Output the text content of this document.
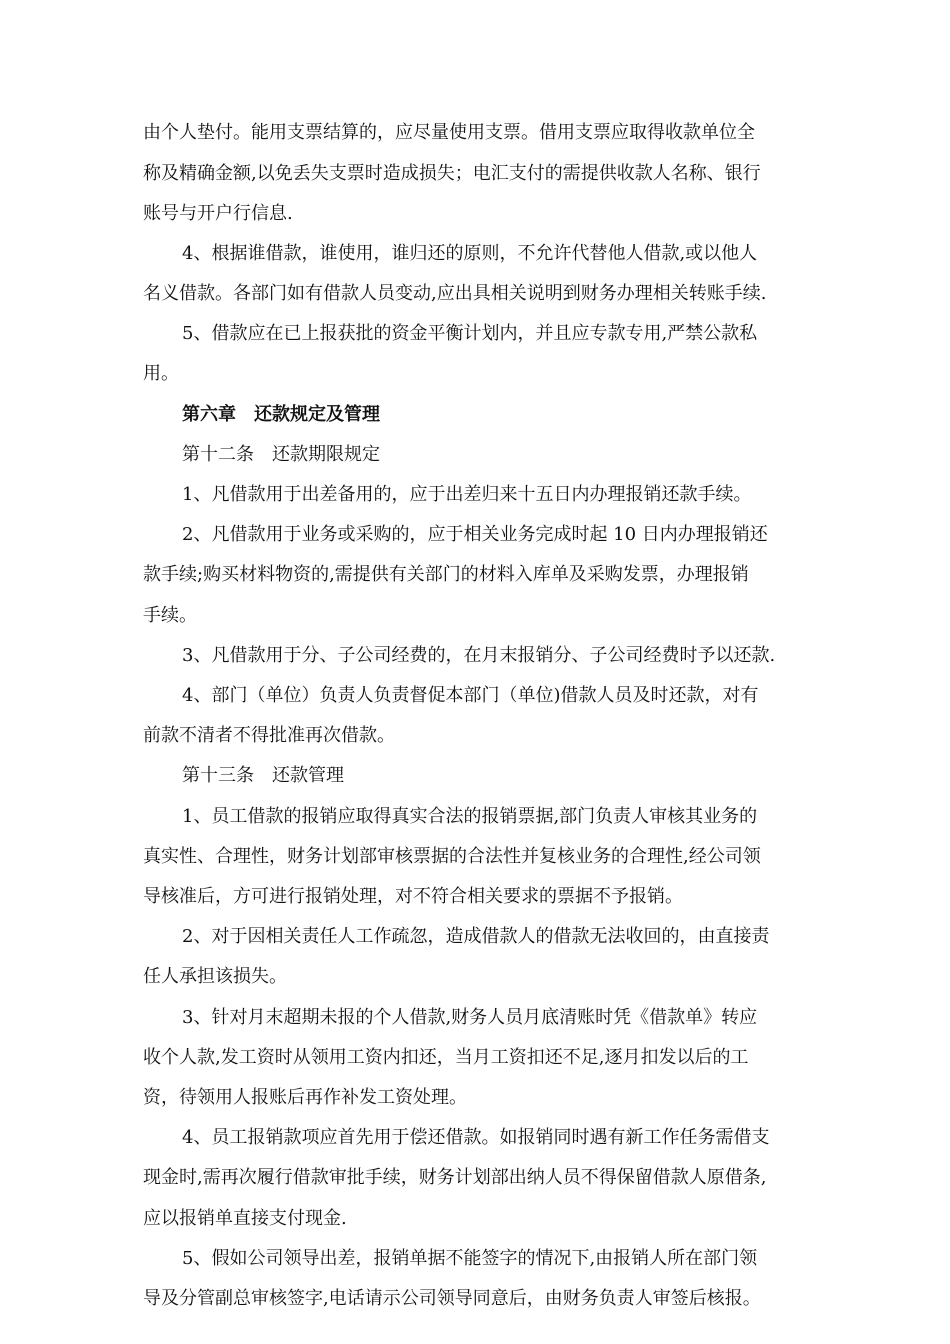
由个人垫付。能用支票结算的，应尽量使用支票。借用支票应取得收款单位全
称及精确金额,以免丢失支票时造成损失；电汇支付的需提供收款人名称、银行
账号与开户行信息.
4、根据谁借款，谁使用，谁归还的原则，不允许代替他人借款,或以他人
名义借款。各部门如有借款人员变动,应出具相关说明到财务办理相关转账手续.
5、借款应在已上报获批的资金平衡计划内，并且应专款专用,严禁公款私
用。
第六章　还款规定及管理
第十二条　还款期限规定
1、凡借款用于出差备用的，应于出差归来十五日内办理报销还款手续。
2、凡借款用于业务或采购的，应于相关业务完成时起 10 日内办理报销还
款手续;购买材料物资的,需提供有关部门的材料入库单及采购发票，办理报销
手续。
3、凡借款用于分、子公司经费的，在月末报销分、子公司经费时予以还款.
4、部门（单位）负责人负责督促本部门（单位)借款人员及时还款，对有
前款不清者不得批准再次借款。
第十三条　还款管理
1、员工借款的报销应取得真实合法的报销票据,部门负责人审核其业务的
真实性、合理性，财务计划部审核票据的合法性并复核业务的合理性,经公司领
导核准后，方可进行报销处理，对不符合相关要求的票据不予报销。
2、对于因相关责任人工作疏忽，造成借款人的借款无法收回的，由直接责
任人承担该损失。
3、针对月末超期未报的个人借款,财务人员月底清账时凭《借款单》转应
收个人款,发工资时从领用工资内扣还，当月工资扣还不足,逐月扣发以后的工
资，待领用人报账后再作补发工资处理。
4、员工报销款项应首先用于偿还借款。如报销同时遇有新工作任务需借支
现金时,需再次履行借款审批手续，财务计划部出纳人员不得保留借款人原借条,
应以报销单直接支付现金.
5、假如公司领导出差，报销单据不能签字的情况下,由报销人所在部门领
导及分管副总审核签字,电话请示公司领导同意后，由财务负责人审签后核报。
